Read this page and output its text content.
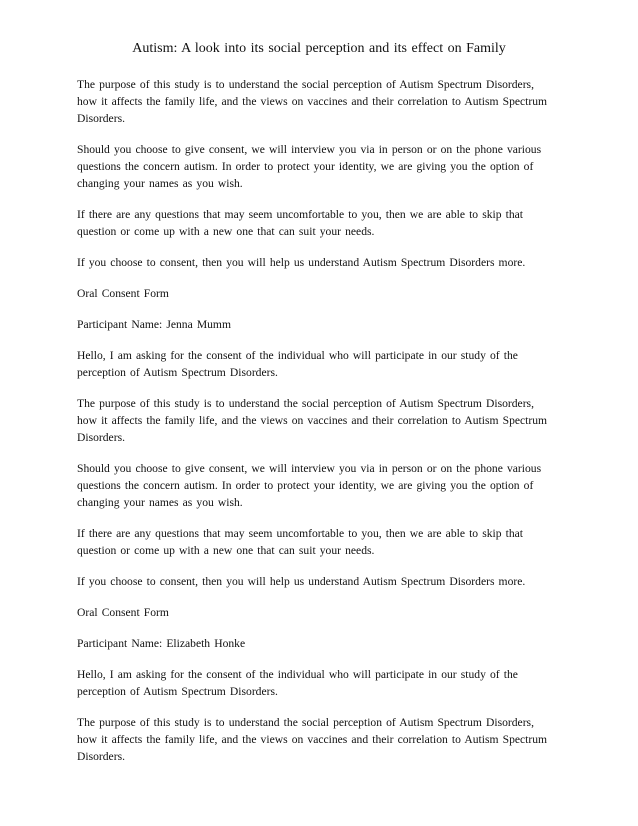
Autism: A look into its social perception and its effect on Family

The purpose of this study is to understand the social perception of Autism Spectrum Disorders,
how it affects the family life, and the views on vaccines and their correlation to Autism Spectrum
Disorders.

Should you choose to give consent, we will interview you via in person or on the phone various
questions the concern autism. In order to protect your identity, we are giving you the option of
changing your names as you wish.

If there are any questions that may seem uncomfortable to you, then we are able to skip that
question or come up with a new one that can suit your needs.

If you choose to consent, then you will help us understand Autism Spectrum Disorders more.

Oral Consent Form

Participant Name: Jenna Mumm

Hello, I am asking for the consent of the individual who will participate in our study of the
perception of Autism Spectrum Disorders.

The purpose of this study is to understand the social perception of Autism Spectrum Disorders,
how it affects the family life, and the views on vaccines and their correlation to Autism Spectrum
Disorders.

Should you choose to give consent, we will interview you via in person or on the phone various
questions the concern autism. In order to protect your identity, we are giving you the option of
changing your names as you wish.

If there are any questions that may seem uncomfortable to you, then we are able to skip that
question or come up with a new one that can suit your needs.

If you choose to consent, then you will help us understand Autism Spectrum Disorders more.

Oral Consent Form

Participant Name: Elizabeth Honke

Hello, I am asking for the consent of the individual who will participate in our study of the
perception of Autism Spectrum Disorders.

The purpose of this study is to understand the social perception of Autism Spectrum Disorders,
how it affects the family life, and the views on vaccines and their correlation to Autism Spectrum
Disorders.
